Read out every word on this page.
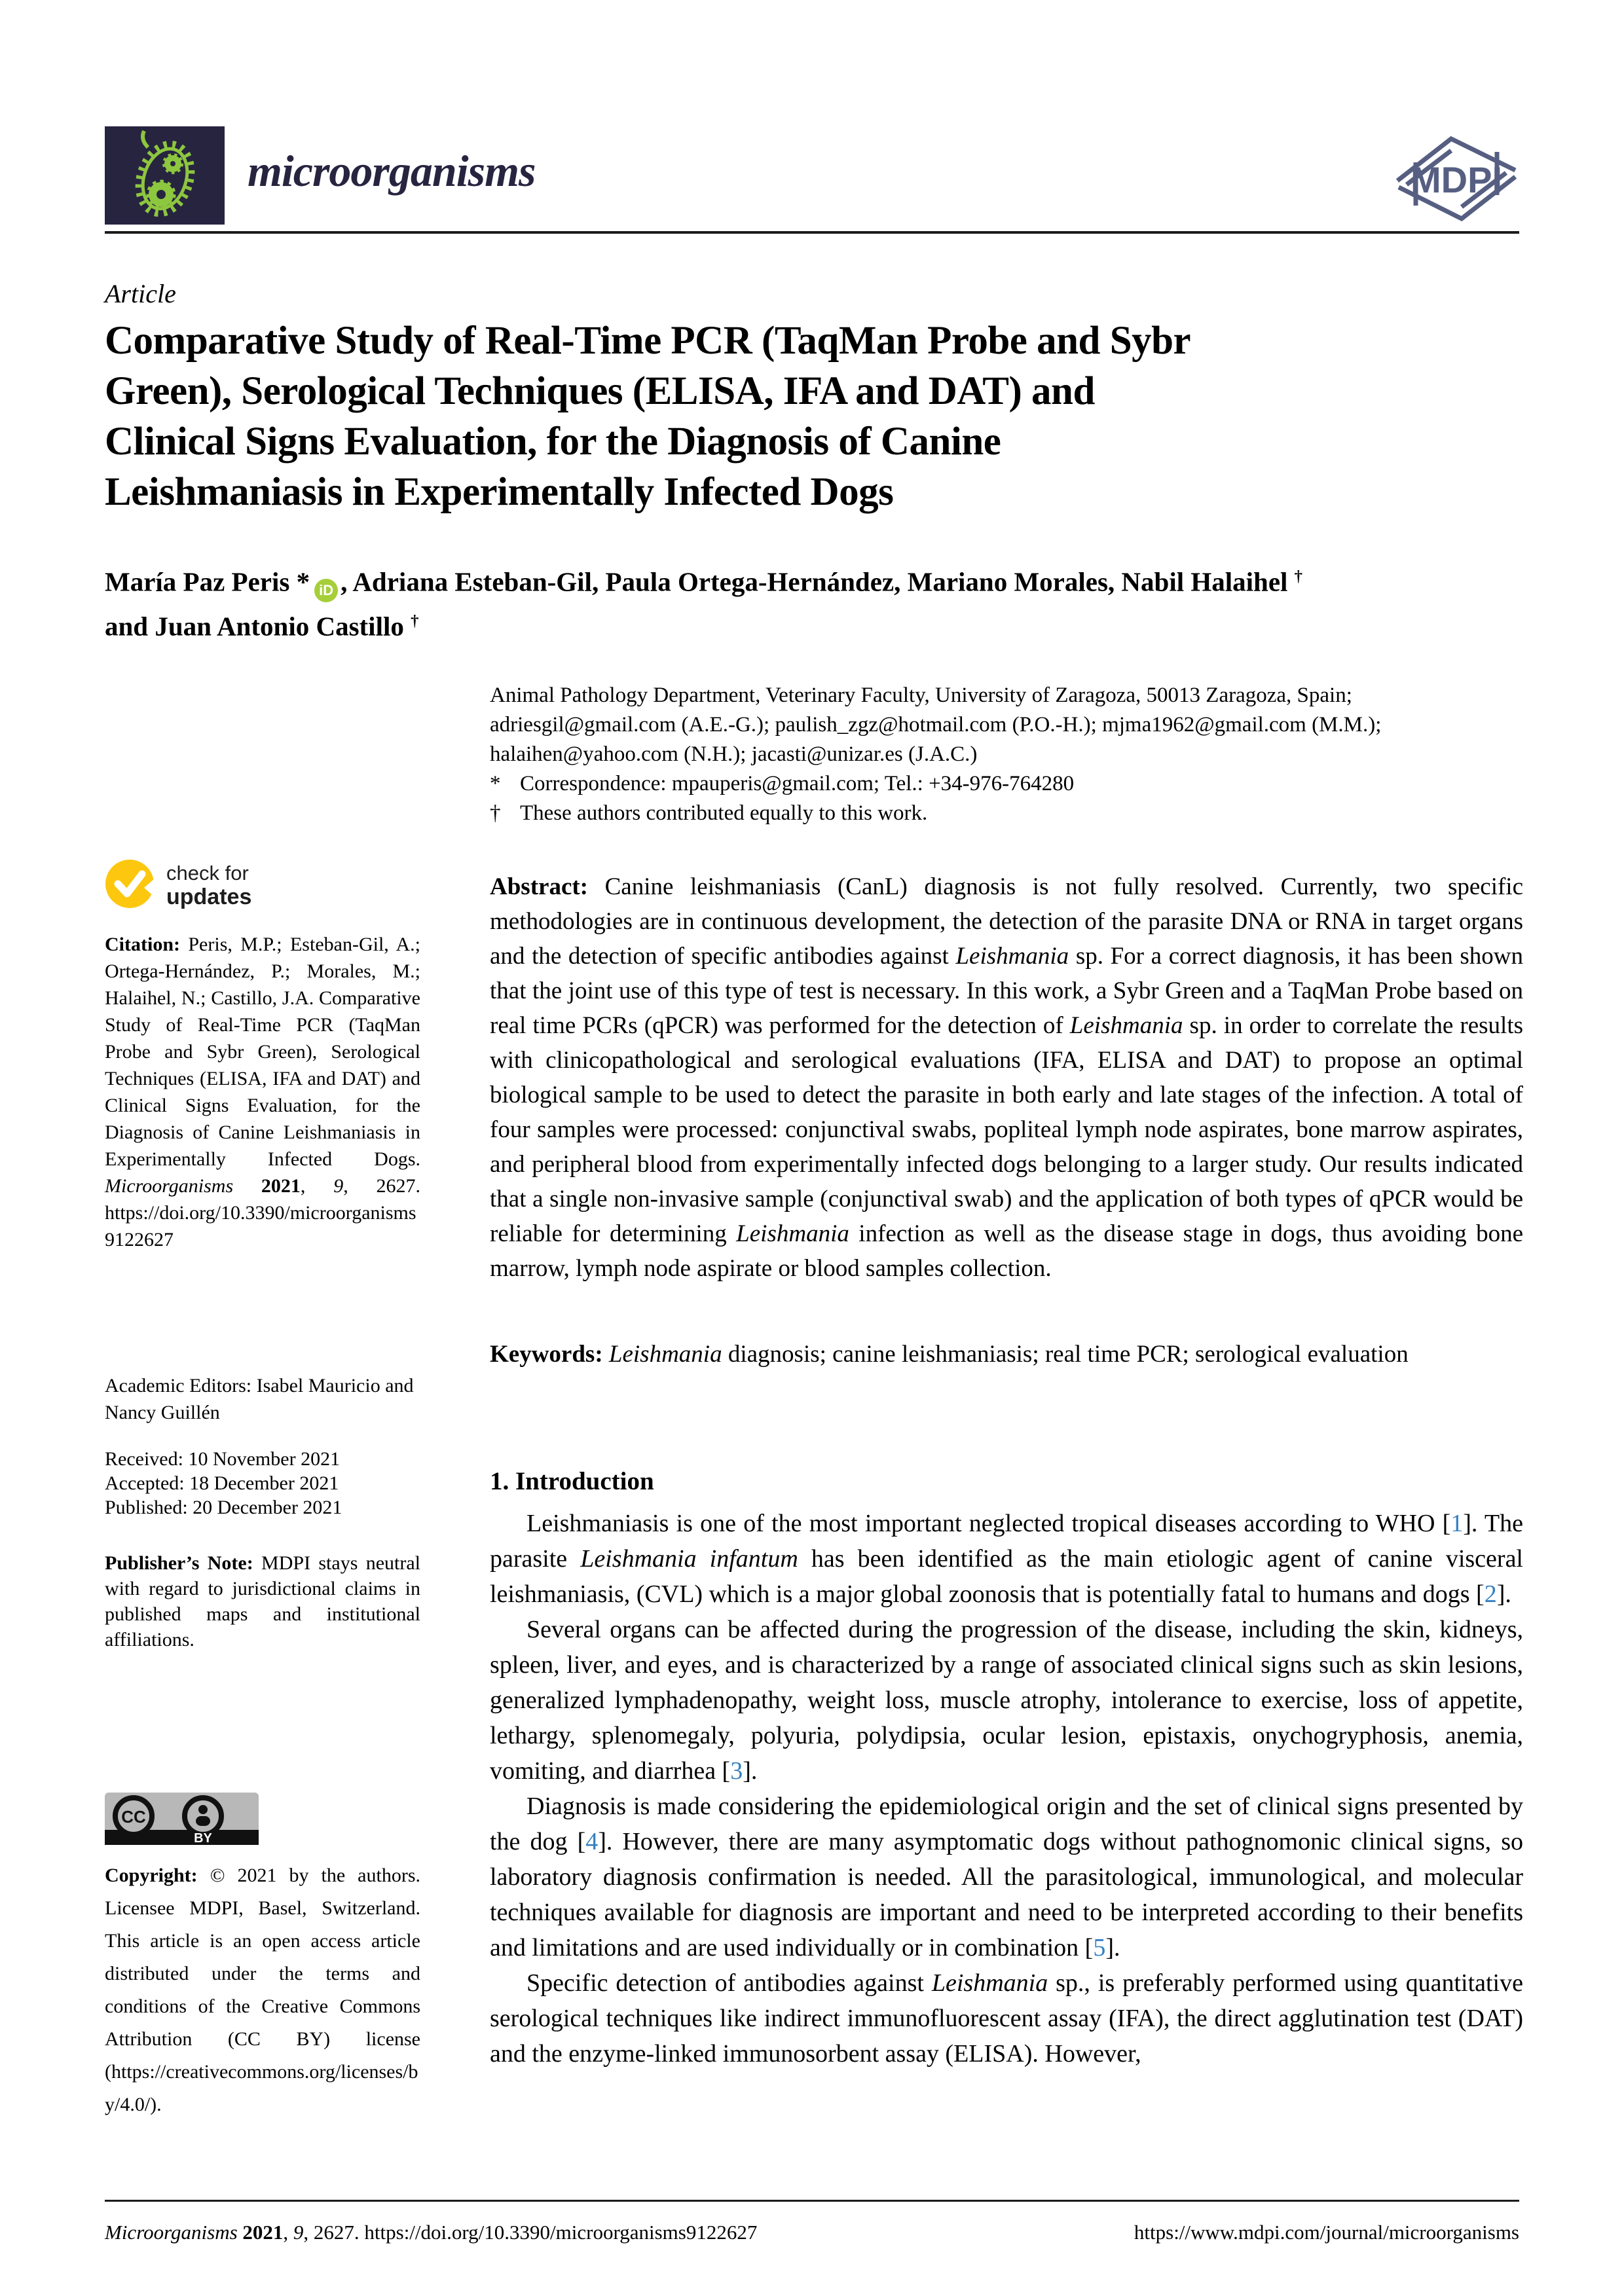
microorganisms	MDPI
Article
Comparative Study of Real-Time PCR (TaqMan Probe and Sybr
Green), Serological Techniques (ELISA, IFA and DAT) and
Clinical Signs Evaluation, for the Diagnosis of Canine
Leishmaniasis in Experimentally Infected Dogs
María Paz Peris * iD , Adriana Esteban-Gil, Paula Ortega-Hernández, Mariano Morales, Nabil Halaihel †
and Juan Antonio Castillo †
Animal Pathology Department, Veterinary Faculty, University of Zaragoza, 50013 Zaragoza, Spain; adriesgil@gmail.com (A.E.-G.); paulish_zgz@hotmail.com (P.O.-H.); mjma1962@gmail.com (M.M.); halaihen@yahoo.com (N.H.); jacasti@unizar.es (J.A.C.)
* Correspondence: mpauperis@gmail.com; Tel.: +34-976-764280
† These authors contributed equally to this work.
check for
updates
Citation: Peris, M.P.; Esteban-Gil, A.; Ortega-Hernández, P.; Morales, M.; Halaihel, N.; Castillo, J.A. Comparative Study of Real-Time PCR (TaqMan Probe and Sybr Green), Serological Techniques (ELISA, IFA and DAT) and Clinical Signs Evaluation, for the Diagnosis of Canine Leishmaniasis in Experimentally Infected Dogs. Microorganisms 2021, 9, 2627. https://doi.org/10.3390/microorganisms9122627
Academic Editors: Isabel Mauricio and Nancy Guillén
Received: 10 November 2021
Accepted: 18 December 2021
Published: 20 December 2021
Publisher’s Note: MDPI stays neutral with regard to jurisdictional claims in published maps and institutional affiliations.
CC
BY
Copyright: © 2021 by the authors. Licensee MDPI, Basel, Switzerland. This article is an open access article distributed under the terms and conditions of the Creative Commons Attribution (CC BY) license (https://creativecommons.org/licenses/by/4.0/).
Abstract: Canine leishmaniasis (CanL) diagnosis is not fully resolved. Currently, two specific methodologies are in continuous development, the detection of the parasite DNA or RNA in target organs and the detection of specific antibodies against Leishmania sp. For a correct diagnosis, it has been shown that the joint use of this type of test is necessary. In this work, a Sybr Green and a TaqMan Probe based on real time PCRs (qPCR) was performed for the detection of Leishmania sp. in order to correlate the results with clinicopathological and serological evaluations (IFA, ELISA and DAT) to propose an optimal biological sample to be used to detect the parasite in both early and late stages of the infection. A total of four samples were processed: conjunctival swabs, popliteal lymph node aspirates, bone marrow aspirates, and peripheral blood from experimentally infected dogs belonging to a larger study. Our results indicated that a single non-invasive sample (conjunctival swab) and the application of both types of qPCR would be reliable for determining Leishmania infection as well as the disease stage in dogs, thus avoiding bone marrow, lymph node aspirate or blood samples collection.
Keywords: Leishmania diagnosis; canine leishmaniasis; real time PCR; serological evaluation
1. Introduction

Leishmaniasis is one of the most important neglected tropical diseases according to WHO [1]. The parasite Leishmania infantum has been identified as the main etiologic agent of canine visceral leishmaniasis, (CVL) which is a major global zoonosis that is potentially fatal to humans and dogs [2].

Several organs can be affected during the progression of the disease, including the skin, kidneys, spleen, liver, and eyes, and is characterized by a range of associated clinical signs such as skin lesions, generalized lymphadenopathy, weight loss, muscle atrophy, intolerance to exercise, loss of appetite, lethargy, splenomegaly, polyuria, polydipsia, ocular lesion, epistaxis, onychogryphosis, anemia, vomiting, and diarrhea [3].

Diagnosis is made considering the epidemiological origin and the set of clinical signs presented by the dog [4]. However, there are many asymptomatic dogs without pathognomonic clinical signs, so laboratory diagnosis confirmation is needed. All the parasitological, immunological, and molecular techniques available for diagnosis are important and need to be interpreted according to their benefits and limitations and are used individually or in combination [5].

Specific detection of antibodies against Leishmania sp., is preferably performed using quantitative serological techniques like indirect immunofluorescent assay (IFA), the direct agglutination test (DAT) and the enzyme-linked immunosorbent assay (ELISA). However,

Microorganisms 2021, 9, 2627. https://doi.org/10.3390/microorganisms9122627	https://www.mdpi.com/journal/microorganisms
